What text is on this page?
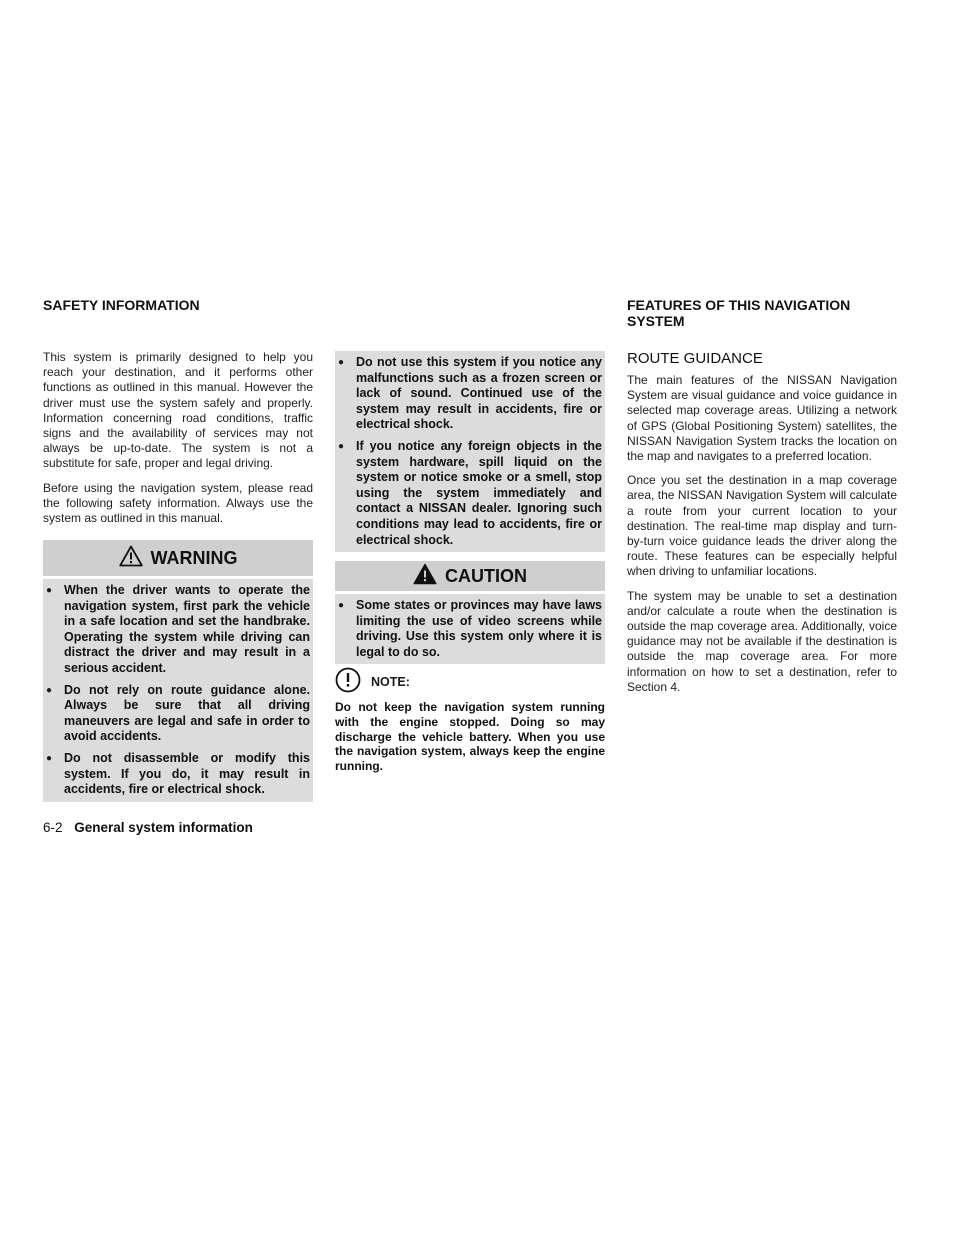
SAFETY INFORMATION

This system is primarily designed to help you reach your destination, and it performs other functions as outlined in this manual. However the driver must use the system safely and properly. Information concerning road conditions, traffic signs and the availability of services may not always be up-to-date. The system is not a substitute for safe, proper and legal driving.

Before using the navigation system, please read the following safety information. Always use the system as outlined in this manual.

WARNING
● When the driver wants to operate the navigation system, first park the vehicle in a safe location and set the handbrake. Operating the system while driving can distract the driver and may result in a serious accident.
● Do not rely on route guidance alone. Always be sure that all driving maneuvers are legal and safe in order to avoid accidents.
● Do not disassemble or modify this system. If you do, it may result in accidents, fire or electrical shock.
● Do not use this system if you notice any malfunctions such as a frozen screen or lack of sound. Continued use of the system may result in accidents, fire or electrical shock.
● If you notice any foreign objects in the system hardware, spill liquid on the system or notice smoke or a smell, stop using the system immediately and contact a NISSAN dealer. Ignoring such conditions may lead to accidents, fire or electrical shock.
CAUTION
● Some states or provinces may have laws limiting the use of video screens while driving. Use this system only where it is legal to do so.
NOTE:

Do not keep the navigation system running with the engine stopped. Doing so may discharge the vehicle battery. When you use the navigation system, always keep the engine running.

FEATURES OF THIS NAVIGATION SYSTEM
ROUTE GUIDANCE

The main features of the NISSAN Navigation System are visual guidance and voice guidance in selected map coverage areas. Utilizing a network of GPS (Global Positioning System) satellites, the NISSAN Navigation System tracks the location on the map and navigates to a preferred location.

Once you set the destination in a map coverage area, the NISSAN Navigation System will calculate a route from your current location to your destination. The real-time map display and turn-by-turn voice guidance leads the driver along the route. These features can be especially helpful when driving to unfamiliar locations.

The system may be unable to set a destination and/or calculate a route when the destination is outside the map coverage area. Additionally, voice guidance may not be available if the destination is outside the map coverage area. For more information on how to set a destination, refer to Section 4.

6-2 General system information
